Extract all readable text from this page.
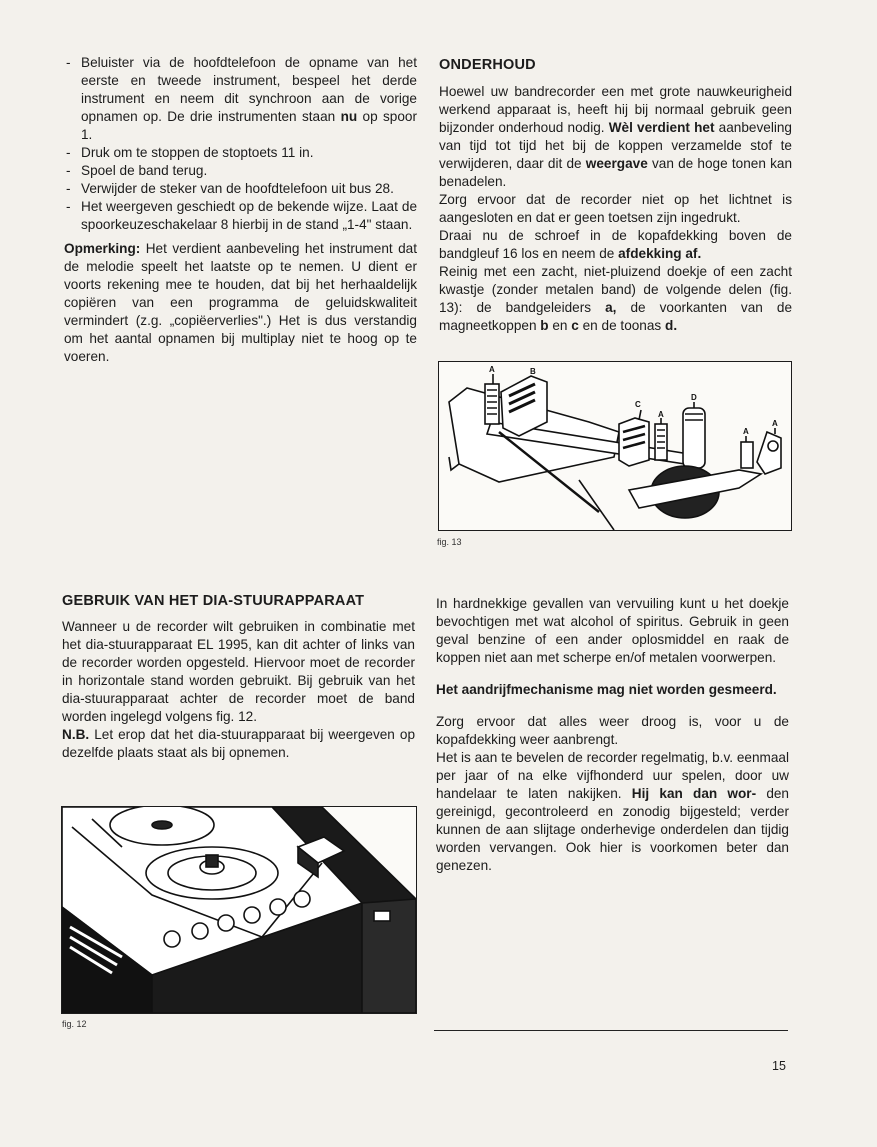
- Beluister via de hoofdtelefoon de opname van het eerste en tweede instrument, bespeel het derde instrument en neem dit synchroon aan de vorige opnamen op. De drie instrumenten staan nu op spoor 1.
- Druk om te stoppen de stoptoets 11 in.
- Spoel de band terug.
- Verwijder de steker van de hoofdtelefoon uit bus 28.
- Het weergeven geschiedt op de bekende wijze. Laat de spoorkeuzeschakelaar 8 hierbij in de stand „1-4" staan.

Opmerking: Het verdient aanbeveling het instrument dat de melodie speelt het laatste op te nemen. U dient er voorts rekening mee te houden, dat bij het herhaaldelijk copiëren van een programma de geluidskwaliteit vermindert (z.g. „copiëerverlies".) Het is dus verstandig om het aantal opnamen bij multiplay niet te hoog op te voeren.

ONDERHOUD

Hoewel uw bandrecorder een met grote nauwkeurigheid werkend apparaat is, heeft hij bij normaal gebruik geen bijzonder onderhoud nodig. Wèl verdient het aanbeveling van tijd tot tijd het bij de koppen verzamelde stof te verwijderen, daar dit de weergave van de hoge tonen kan benadelen.

Zorg ervoor dat de recorder niet op het lichtnet is aangesloten en dat er geen toetsen zijn ingedrukt.

Draai nu de schroef in de kopafdekking boven de bandgleuf 16 los en neem de afdekking af.

Reinig met een zacht, niet-pluizend doekje of een zacht kwastje (zonder metalen band) de volgende delen (fig. 13): de bandgeleiders a, de voorkanten van de magneetkoppen b en c en de toonas d.

A	B
C
A
D
A
A
fig. 13
GEBRUIK VAN HET DIA-STUURAPPARAAT

Wanneer u de recorder wilt gebruiken in combinatie met het dia-stuurapparaat EL 1995, kan dit achter of links van de recorder worden opgesteld. Hiervoor moet de recorder in horizontale stand worden gebruikt. Bij gebruik van het dia-stuurapparaat achter de recorder moet de band worden ingelegd volgens fig. 12.

N.B. Let erop dat het dia-stuurapparaat bij weergeven op dezelfde plaats staat als bij opnemen.

fig. 12

In hardnekkige gevallen van vervuiling kunt u het doekje bevochtigen met wat alcohol of spiritus. Gebruik in geen geval benzine of een ander oplosmiddel en raak de koppen niet aan met scherpe en/of metalen voorwerpen.

Het aandrijfmechanisme mag niet worden gesmeerd.

Zorg ervoor dat alles weer droog is, voor u de kopafdekking weer aanbrengt.

Het is aan te bevelen de recorder regelmatig, b.v. eenmaal per jaar of na elke vijfhonderd uur spelen, door uw handelaar te laten nakijken. Hij kan dan wor- den gereinigd, gecontroleerd en zonodig bijgesteld; verder kunnen de aan slijtage onderhevige onderdelen dan tijdig worden vervangen. Ook hier is voorkomen beter dan genezen.

15
